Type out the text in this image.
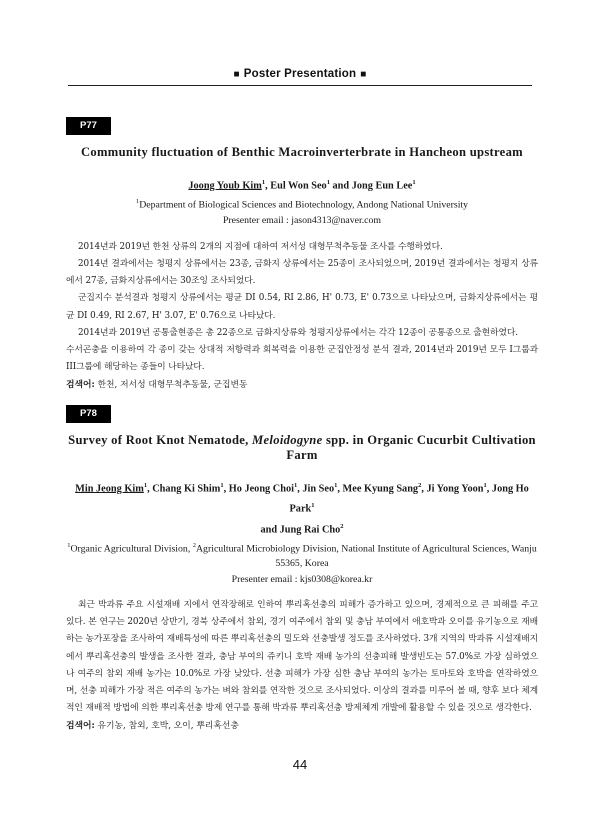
■ Poster Presentation ■
P77
Community fluctuation of Benthic Macroinverterbrate in Hancheon upstream
Joong Youb Kim$^1$, Eul Won Seo$^1$ and Jong Eun Lee$^1$
$^1$Department of Biological Sciences and Biotechnology, Andong National University
Presenter email : jason4313@naver.com

2014년과 2019년 한천 상류의 2개의 지점에 대하여 저서성 대형무척추동물 조사를 수행하였다.

2014년 결과에서는 청평지 상류에서는 23종, 금화지 상류에서는 25종이 조사되었으며, 2019년 결과에서는 청평지 상류에서 27종, 금화지상류에서는 30조잉 조사되었다.

군집지수 분석결과 청평지 상류에서는 평균 DI 0.54, RI 2.86, H' 0.73, E' 0.73으로 나타났으며, 금화지상류에서는 평균 DI 0.49, RI 2.67, H' 3.07, E' 0.76으로 나타났다.

2014년과 2019년 공통출현종은 총 22종으로 금화지상류와 청평지상류에서는 각각 12종이 공통종으로 출현하였다.

수서곤충을 이용하여 각 종이 갖는 상대적 저항력과 회복력을 이용한 군집안정성 분석 결과, 2014년과 2019년 모두 I그룹과 III그룹에 해당하는 종들이 나타났다.

검색어: 한천, 저서성 대형무척추동물, 군집변동
P78
Survey of Root Knot Nematode, Meloidogyne spp. in Organic Cucurbit Cultivation Farm
Min Jeong Kim$^1$, Chang Ki Shim$^1$, Ho Jeong Choi$^1$, Jin Seo$^1$, Mee Kyung Sang$^2$, Ji Yong Yoon$^1$, Jong Ho Park$^1$
and Jung Rai Cho$^2$
$^1$Organic Agricultural Division, $^2$Agricultural Microbiology Division, National Institute of Agricultural Sciences, Wanju 55365, Korea
Presenter email : kjs0308@korea.kr

최근 박과류 주요 시설재배 지에서 연작장해로 인하여 뿌리혹선충의 피해가 증가하고 있으며, 경제적으로 큰 피해를 주고 있다. 본 연구는 2020년 상반기, 경북 상주에서 참외, 경기 여주에서 참외 및 충남 부여에서 애호박과 오이를 유기농으로 재배하는 농가포장을 조사하여 재배특성에 따른 뿌리혹선충의 밀도와 선충발생 정도를 조사하였다. 3개 지역의 박과류 시설재배지에서 뿌리혹선충의 발생을 조사한 결과, 충남 부여의 쥬키니 호박 재배 농가의 선충피해 발생빈도는 57.0%로 가장 심하였으나 여주의 참외 재배 농가는 10.0%로 가장 낮았다. 선충 피해가 가장 심한 충남 부여의 농가는 토마토와 호박을 연작하였으며, 선충 피해가 가장 적은 여주의 농가는 벼와 참외를 연작한 것으로 조사되었다. 이상의 결과를 미루어 볼 때, 향후 보다 체계적인 재배적 방법에 의한 뿌리혹선충 방제 연구를 통해 박과류 뿌리혹선충 방제체계 개발에 활용할 수 있을 것으로 생각한다.

검색어: 유기농, 참외, 호박, 오이, 뿌리혹선충
44
